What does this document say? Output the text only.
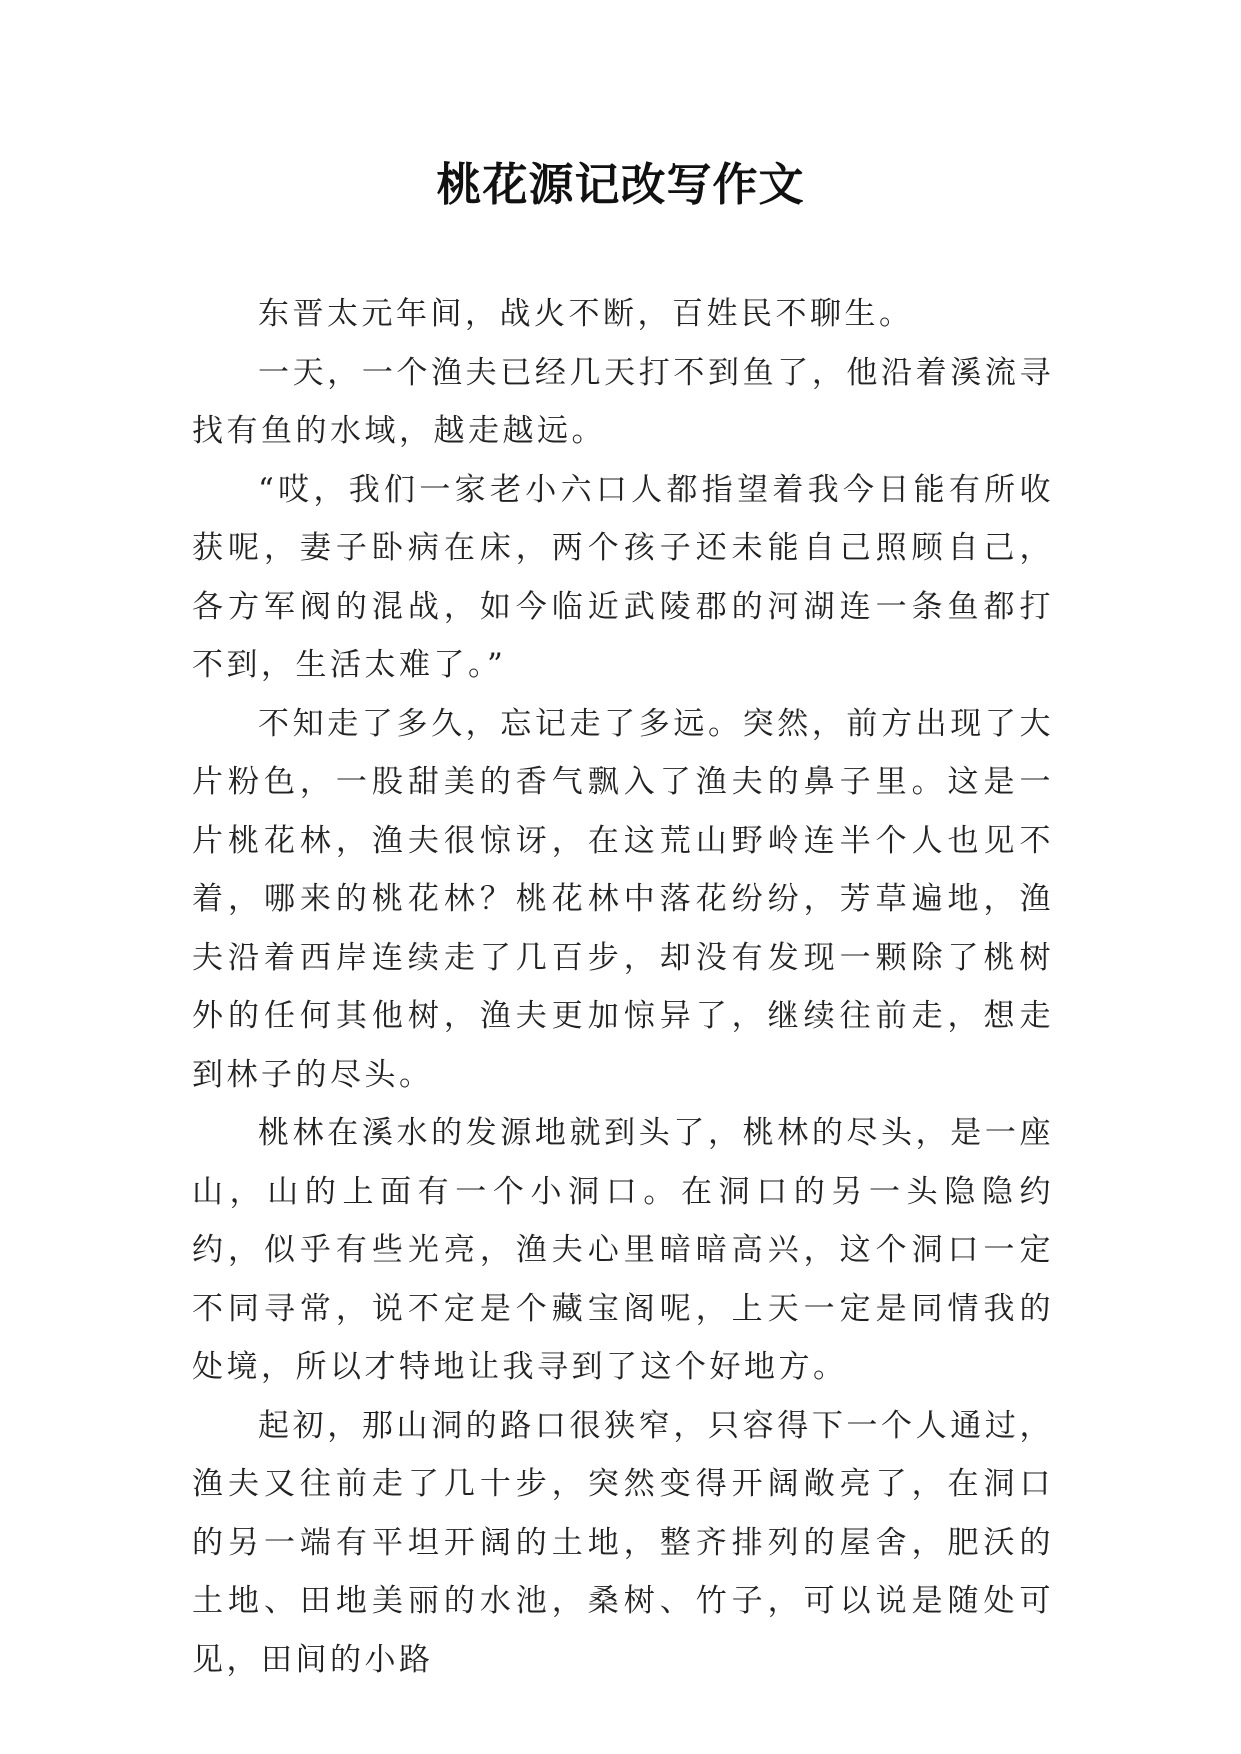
桃花源记改写作文

东晋太元年间，战火不断，百姓民不聊生。

一天，一个渔夫已经几天打不到鱼了，他沿着溪流寻找有鱼的水域，越走越远。

“哎，我们一家老小六口人都指望着我今日能有所收获呢，妻子卧病在床，两个孩子还未能自己照顾自己，各方军阀的混战，如今临近武陵郡的河湖连一条鱼都打不到，生活太难了。”

不知走了多久，忘记走了多远。突然，前方出现了大片粉色，一股甜美的香气飘入了渔夫的鼻子里。这是一片桃花林，渔夫很惊讶，在这荒山野岭连半个人也见不着，哪来的桃花林？桃花林中落花纷纷，芳草遍地，渔夫沿着西岸连续走了几百步，却没有发现一颗除了桃树外的任何其他树，渔夫更加惊异了，继续往前走，想走到林子的尽头。

桃林在溪水的发源地就到头了，桃林的尽头，是一座山，山的上面有一个小洞口。在洞口的另一头隐隐约约，似乎有些光亮，渔夫心里暗暗高兴，这个洞口一定不同寻常，说不定是个藏宝阁呢，上天一定是同情我的处境，所以才特地让我寻到了这个好地方。

起初，那山洞的路口很狭窄，只容得下一个人通过，渔夫又往前走了几十步，突然变得开阔敞亮了，在洞口的另一端有平坦开阔的土地，整齐排列的屋舍，肥沃的土地、田地美丽的水池，桑树、竹子，可以说是随处可见，田间的小路
